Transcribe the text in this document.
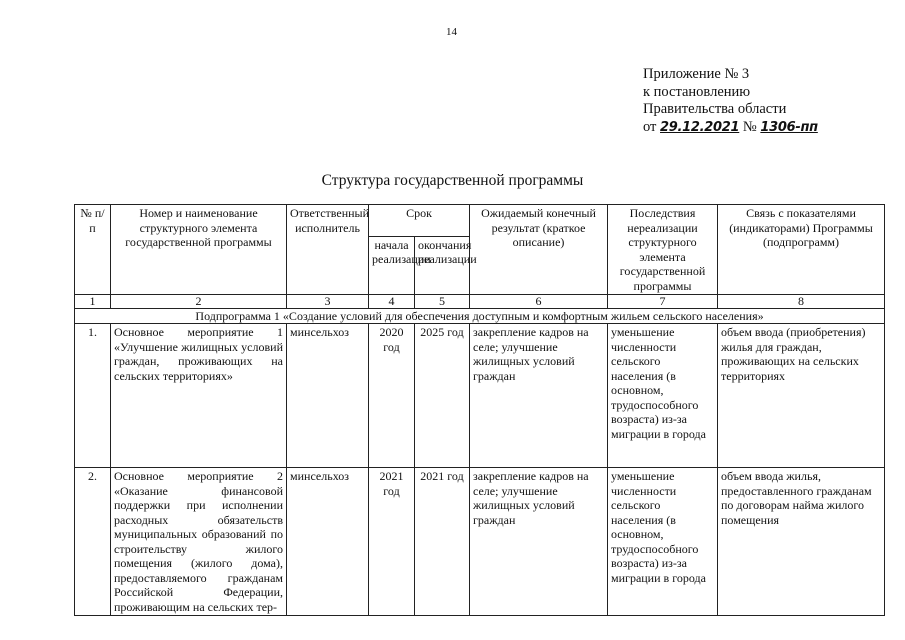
14
Приложение № 3
к постановлению
Правительства области
от 29.12.2021 № 1306-пп
Структура государственной программы
№ п/п	Номер и наименование структурного элемента государственной программы	Ответственный исполнитель	Срок		Ожидаемый конечный результат (краткое описание)	Последствия нереализации структурного элемента государственной программы	Связь с показателями (индикаторами) Программы (подпрограмм)
			начала реализации	окончания реализации			
1	2	3	4	5	6	7	8
Подпрограмма 1 «Создание условий для обеспечения доступным и комфортным жильем сельского населения»							
1.	Основное мероприятие 1 «Улучшение жилищных условий граждан, проживающих на сельских территориях»	минсельхоз	2020 год	2025 год	закрепление кадров на селе; улучшение жилищных условий граждан	уменьшение численности сельского населения (в основном, трудоспособного возраста) из-за миграции в города	объем ввода (приобретения) жилья для граждан, проживающих на сельских территориях
2.	Основное мероприятие 2 «Оказание финансовой поддержки при исполнении расходных обязательств муниципальных образований по строительству жилого помещения (жилого дома), предоставляемого гражданам Российской Федерации, проживающим на сельских тер-	минсельхоз	2021 год	2021 год	закрепление кадров на селе; улучшение жилищных условий граждан	уменьшение численности сельского населения (в основном, трудоспособного возраста) из-за миграции в города	объем ввода жилья, предоставленного гражданам по договорам найма жилого помещения
